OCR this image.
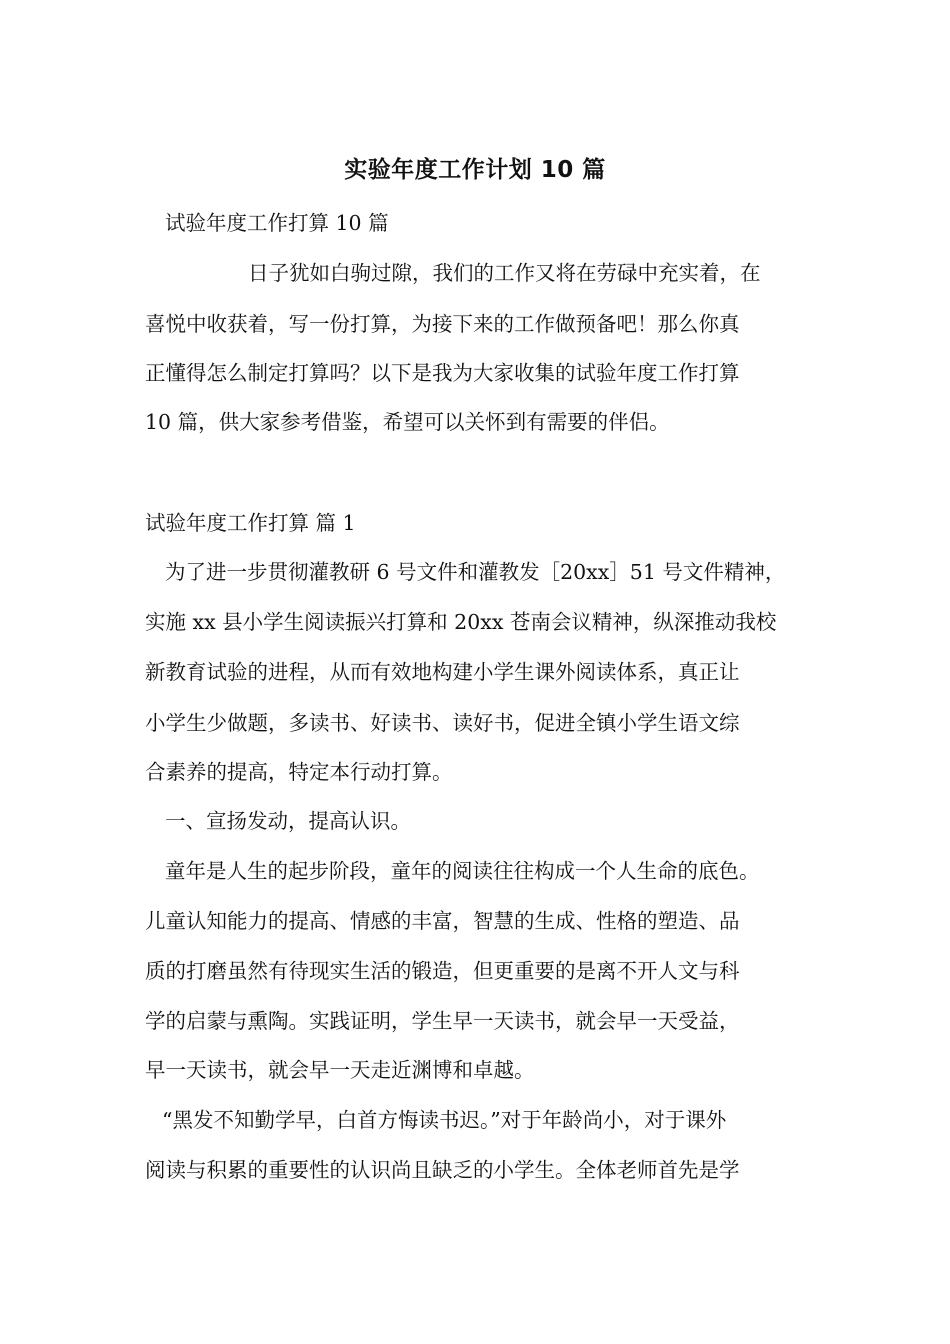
实验年度工作计划 10 篇

试验年度工作打算 10 篇

日子犹如白驹过隙，我们的工作又将在劳碌中充实着，在

喜悦中收获着，写一份打算，为接下来的工作做预备吧！那么你真

正懂得怎么制定打算吗？以下是我为大家收集的试验年度工作打算

10 篇，供大家参考借鉴，希望可以关怀到有需要的伴侣。

试验年度工作打算 篇 1

为了进一步贯彻灌教研 6 号文件和灌教发［20xx］51 号文件精神，

实施 xx 县小学生阅读振兴打算和 20xx 苍南会议精神，纵深推动我校

新教育试验的进程，从而有效地构建小学生课外阅读体系，真正让

小学生少做题，多读书、好读书、读好书，促进全镇小学生语文综

合素养的提高，特定本行动打算。

一、宣扬发动，提高认识。

童年是人生的起步阶段，童年的阅读往往构成一个人生命的底色。

儿童认知能力的提高、情感的丰富，智慧的生成、性格的塑造、品

质的打磨虽然有待现实生活的锻造，但更重要的是离不开人文与科

学的启蒙与熏陶。实践证明，学生早一天读书，就会早一天受益，

早一天读书，就会早一天走近渊博和卓越。

“黑发不知勤学早，白首方悔读书迟。”对于年龄尚小，对于课外

阅读与积累的重要性的认识尚且缺乏的小学生。全体老师首先是学
